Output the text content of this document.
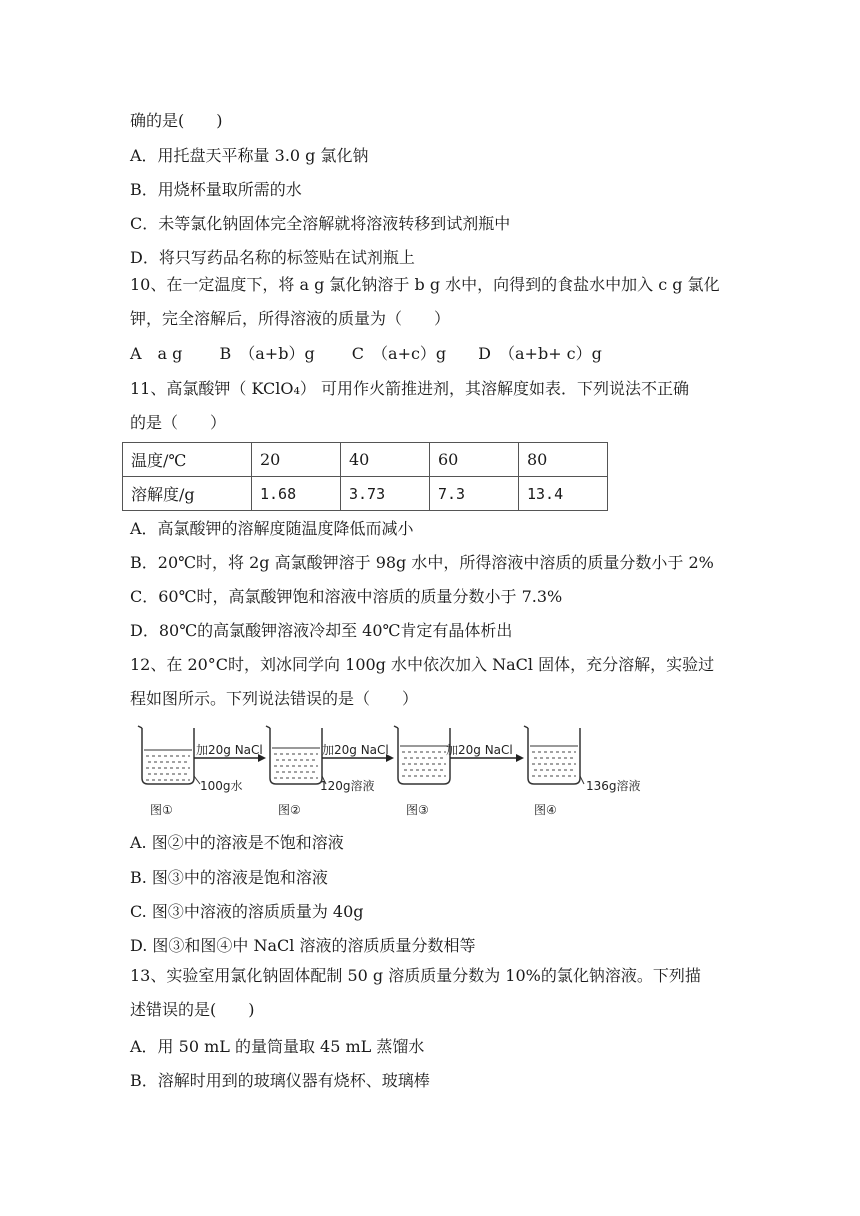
确的是(　　)
A．用托盘天平称量 3.0 g 氯化钠
B．用烧杯量取所需的水
C．未等氯化钠固体完全溶解就将溶液转移到试剂瓶中
D．将只写药品名称的标签贴在试剂瓶上
10、在一定温度下，将 a g 氯化钠溶于 b g 水中，向得到的食盐水中加入 c g 氯化
钾，完全溶解后，所得溶液的质量为（　　）
A　a g　　 B　（a+b）g　　 C　（a+c）g　　D　（a+b+ c）g
11、高氯酸钾（ KClO₄） 可用作火箭推进剂，其溶解度如表．下列说法不正确
的是（　　）
温度/℃	20	40	60	80
溶解度/g	1.68	3.73	7.3	13.4
A．高氯酸钾的溶解度随温度降低而减小
B．20℃时，将 2g 高氯酸钾溶于 98g 水中，所得溶液中溶质的质量分数小于 2%
C．60℃时，高氯酸钾饱和溶液中溶质的质量分数小于 7.3%
D．80℃的高氯酸钾溶液冷却至 40℃肯定有晶体析出
12、在 20°C时，刘冰同学向 100g 水中依次加入 NaCl 固体，充分溶解，实验过
程如图所示。下列说法错误的是（　　）
100g水
加20g NaCl
120g溶液
加20g NaCl	加20g NaCl
136g溶液
图①	图②	图③	图④
A. 图②中的溶液是不饱和溶液
B. 图③中的溶液是饱和溶液
C. 图③中溶液的溶质质量为 40g
D. 图③和图④中 NaCl 溶液的溶质质量分数相等
13、实验室用氯化钠固体配制 50 g 溶质质量分数为 10%的氯化钠溶液。下列描
述错误的是(　　)
A．用 50 mL 的量筒量取 45 mL 蒸馏水
B．溶解时用到的玻璃仪器有烧杯、玻璃棒
